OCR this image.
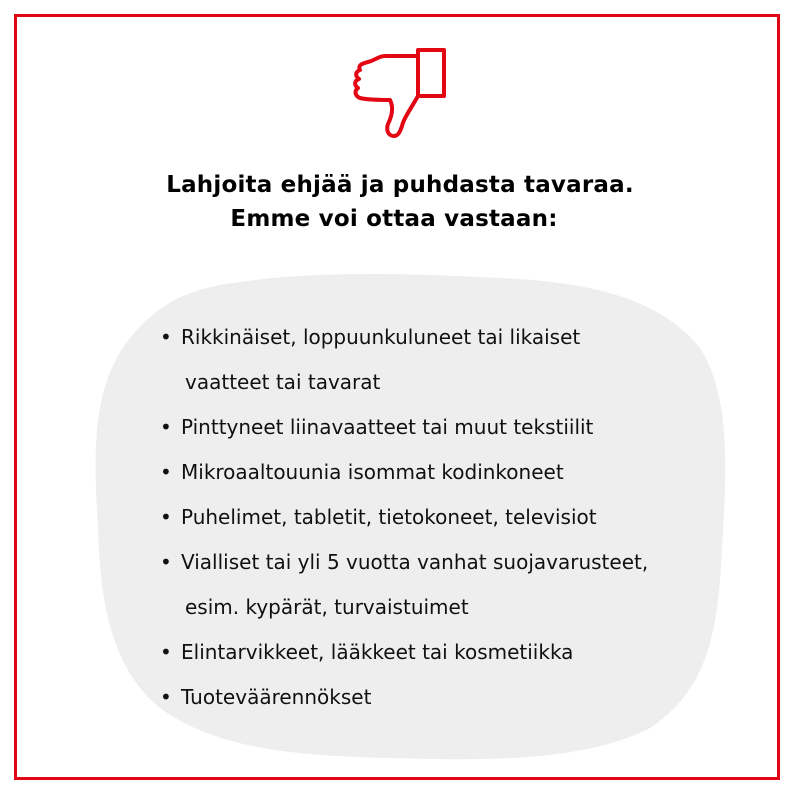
Lahjoita ehjää ja puhdasta tavaraa.
Emme voi ottaa vastaan:
• Rikkinäiset, loppuunkuluneet tai likaiset
vaatteet tai tavarat
• Pinttyneet liinavaatteet tai muut tekstiilit
• Mikroaaltouunia isommat kodinkoneet
• Puhelimet, tabletit, tietokoneet, televisiot
• Vialliset tai yli 5 vuotta vanhat suojavarusteet,
esim. kypärät, turvaistuimet
• Elintarvikkeet, lääkkeet tai kosmetiikka
• Tuoteväärennökset
